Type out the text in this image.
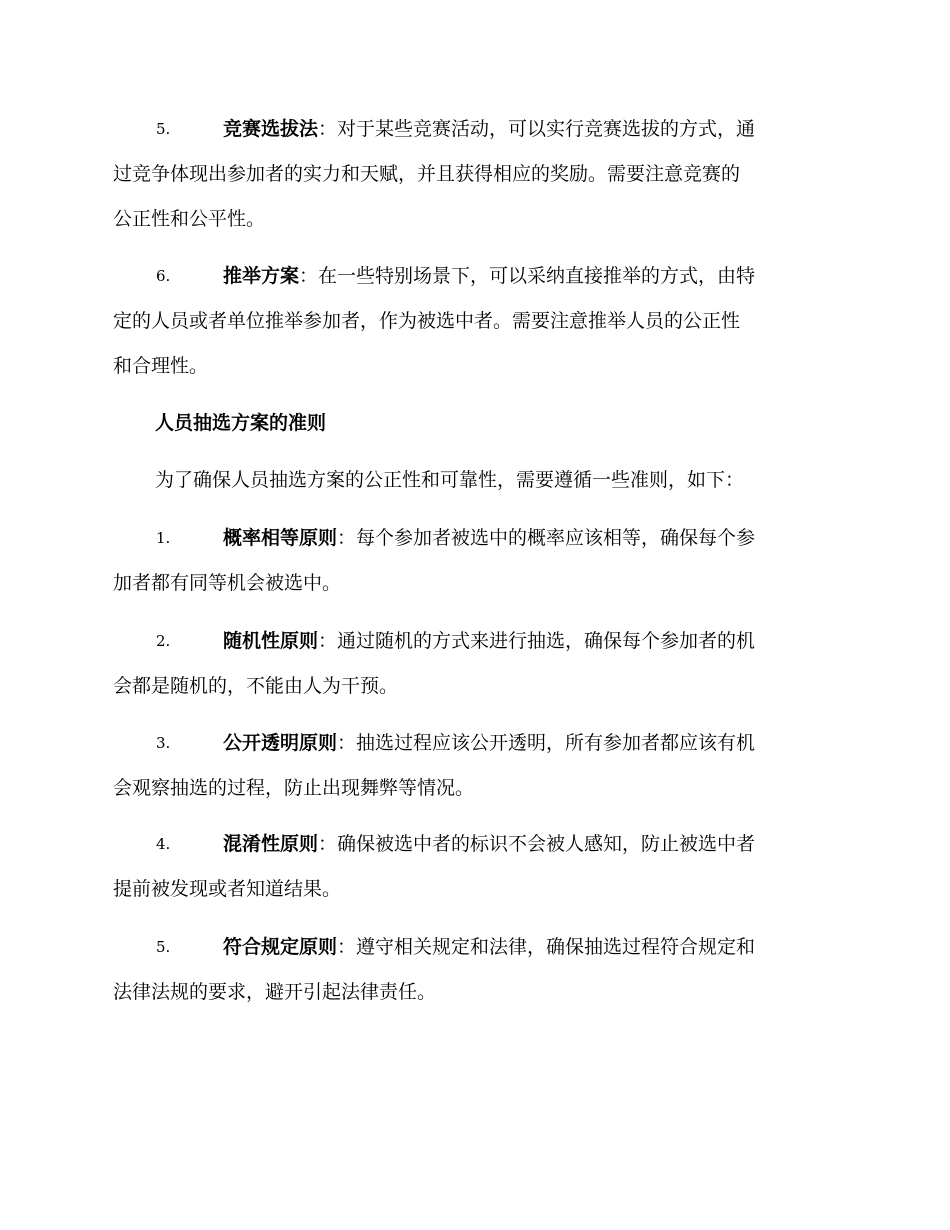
5.	竞赛选拔法：对于某些竞赛活动，可以实行竞赛选拔的方式，通
过竞争体现出参加者的实力和天赋，并且获得相应的奖励。需要注意竞赛的
公正性和公平性。
6.	推举方案：在一些特别场景下，可以采纳直接推举的方式，由特
定的人员或者单位推举参加者，作为被选中者。需要注意推举人员的公正性
和合理性。
人员抽选方案的准则
为了确保人员抽选方案的公正性和可靠性，需要遵循一些准则，如下：
1.	概率相等原则：每个参加者被选中的概率应该相等，确保每个参
加者都有同等机会被选中。
2.	随机性原则：通过随机的方式来进行抽选，确保每个参加者的机
会都是随机的，不能由人为干预。
3.	公开透明原则：抽选过程应该公开透明，所有参加者都应该有机
会观察抽选的过程，防止出现舞弊等情况。
4.	混淆性原则：确保被选中者的标识不会被人感知，防止被选中者
提前被发现或者知道结果。
5.	符合规定原则：遵守相关规定和法律，确保抽选过程符合规定和
法律法规的要求，避开引起法律责任。
